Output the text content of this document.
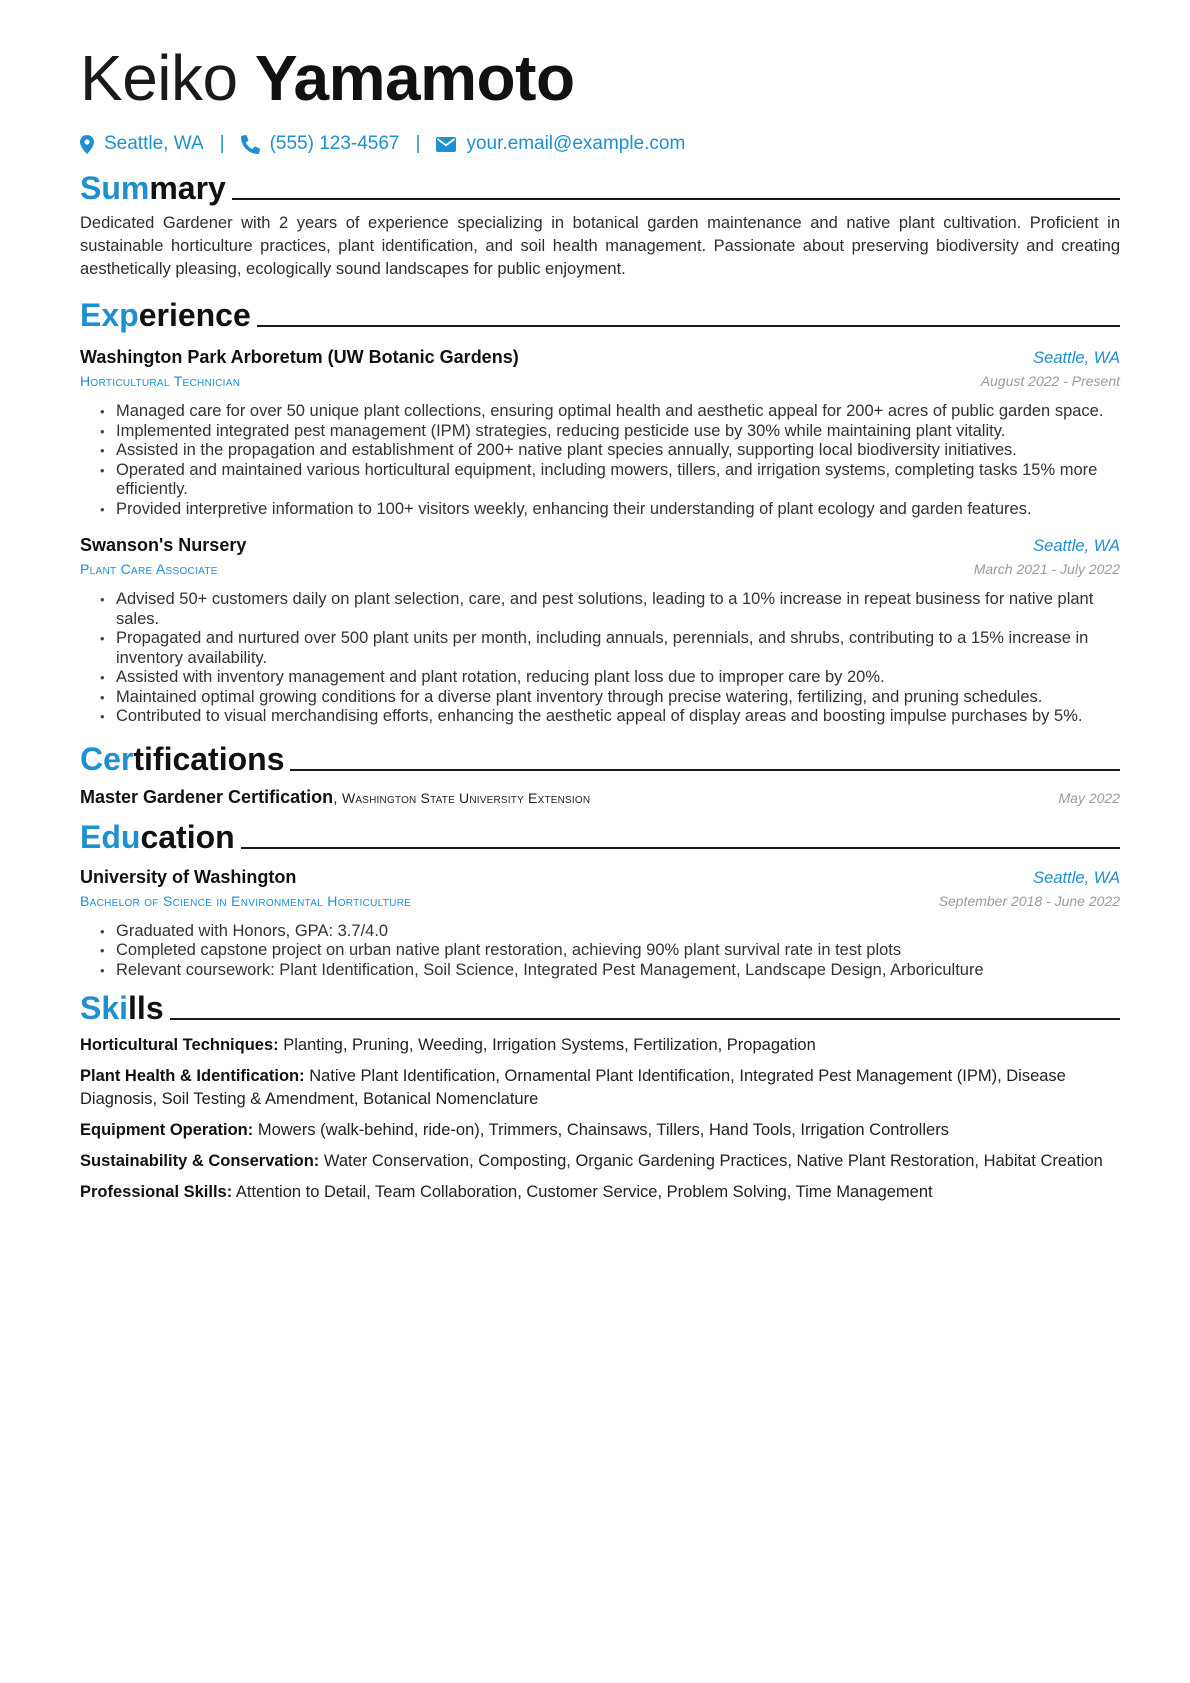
Keiko Yamamoto
Seattle, WA | (555) 123-4567 | your.email@example.com
Summary

Dedicated Gardener with 2 years of experience specializing in botanical garden maintenance and native plant cultivation. Proficient in sustainable horticulture practices, plant identification, and soil health management. Passionate about preserving biodiversity and creating aesthetically pleasing, ecologically sound landscapes for public enjoyment.

Experience
Washington Park Arboretum (UW Botanic Gardens)	Seattle, WA
Horticultural Technician	August 2022 - Present
• Managed care for over 50 unique plant collections, ensuring optimal health and aesthetic appeal for 200+ acres of public garden space.
• Implemented integrated pest management (IPM) strategies, reducing pesticide use by 30% while maintaining plant vitality.
• Assisted in the propagation and establishment of 200+ native plant species annually, supporting local biodiversity initiatives.
• Operated and maintained various horticultural equipment, including mowers, tillers, and irrigation systems, completing tasks 15% more efficiently.
• Provided interpretive information to 100+ visitors weekly, enhancing their understanding of plant ecology and garden features.
Swanson's Nursery	Seattle, WA
Plant Care Associate	March 2021 - July 2022
• Advised 50+ customers daily on plant selection, care, and pest solutions, leading to a 10% increase in repeat business for native plant sales.
• Propagated and nurtured over 500 plant units per month, including annuals, perennials, and shrubs, contributing to a 15% increase in inventory availability.
• Assisted with inventory management and plant rotation, reducing plant loss due to improper care by 20%.
• Maintained optimal growing conditions for a diverse plant inventory through precise watering, fertilizing, and pruning schedules.
• Contributed to visual merchandising efforts, enhancing the aesthetic appeal of display areas and boosting impulse purchases by 5%.
Certifications
Master Gardener Certification, Washington State University Extension	May 2022
Education
University of Washington	Seattle, WA
Bachelor of Science in Environmental Horticulture	September 2018 - June 2022
• Graduated with Honors, GPA: 3.7/4.0
• Completed capstone project on urban native plant restoration, achieving 90% plant survival rate in test plots
• Relevant coursework: Plant Identification, Soil Science, Integrated Pest Management, Landscape Design, Arboriculture
Skills
Horticultural Techniques: Planting, Pruning, Weeding, Irrigation Systems, Fertilization, Propagation
Plant Health & Identification: Native Plant Identification, Ornamental Plant Identification, Integrated Pest Management (IPM), Disease Diagnosis, Soil Testing & Amendment, Botanical Nomenclature
Equipment Operation: Mowers (walk-behind, ride-on), Trimmers, Chainsaws, Tillers, Hand Tools, Irrigation Controllers
Sustainability & Conservation: Water Conservation, Composting, Organic Gardening Practices, Native Plant Restoration, Habitat Creation
Professional Skills: Attention to Detail, Team Collaboration, Customer Service, Problem Solving, Time Management
